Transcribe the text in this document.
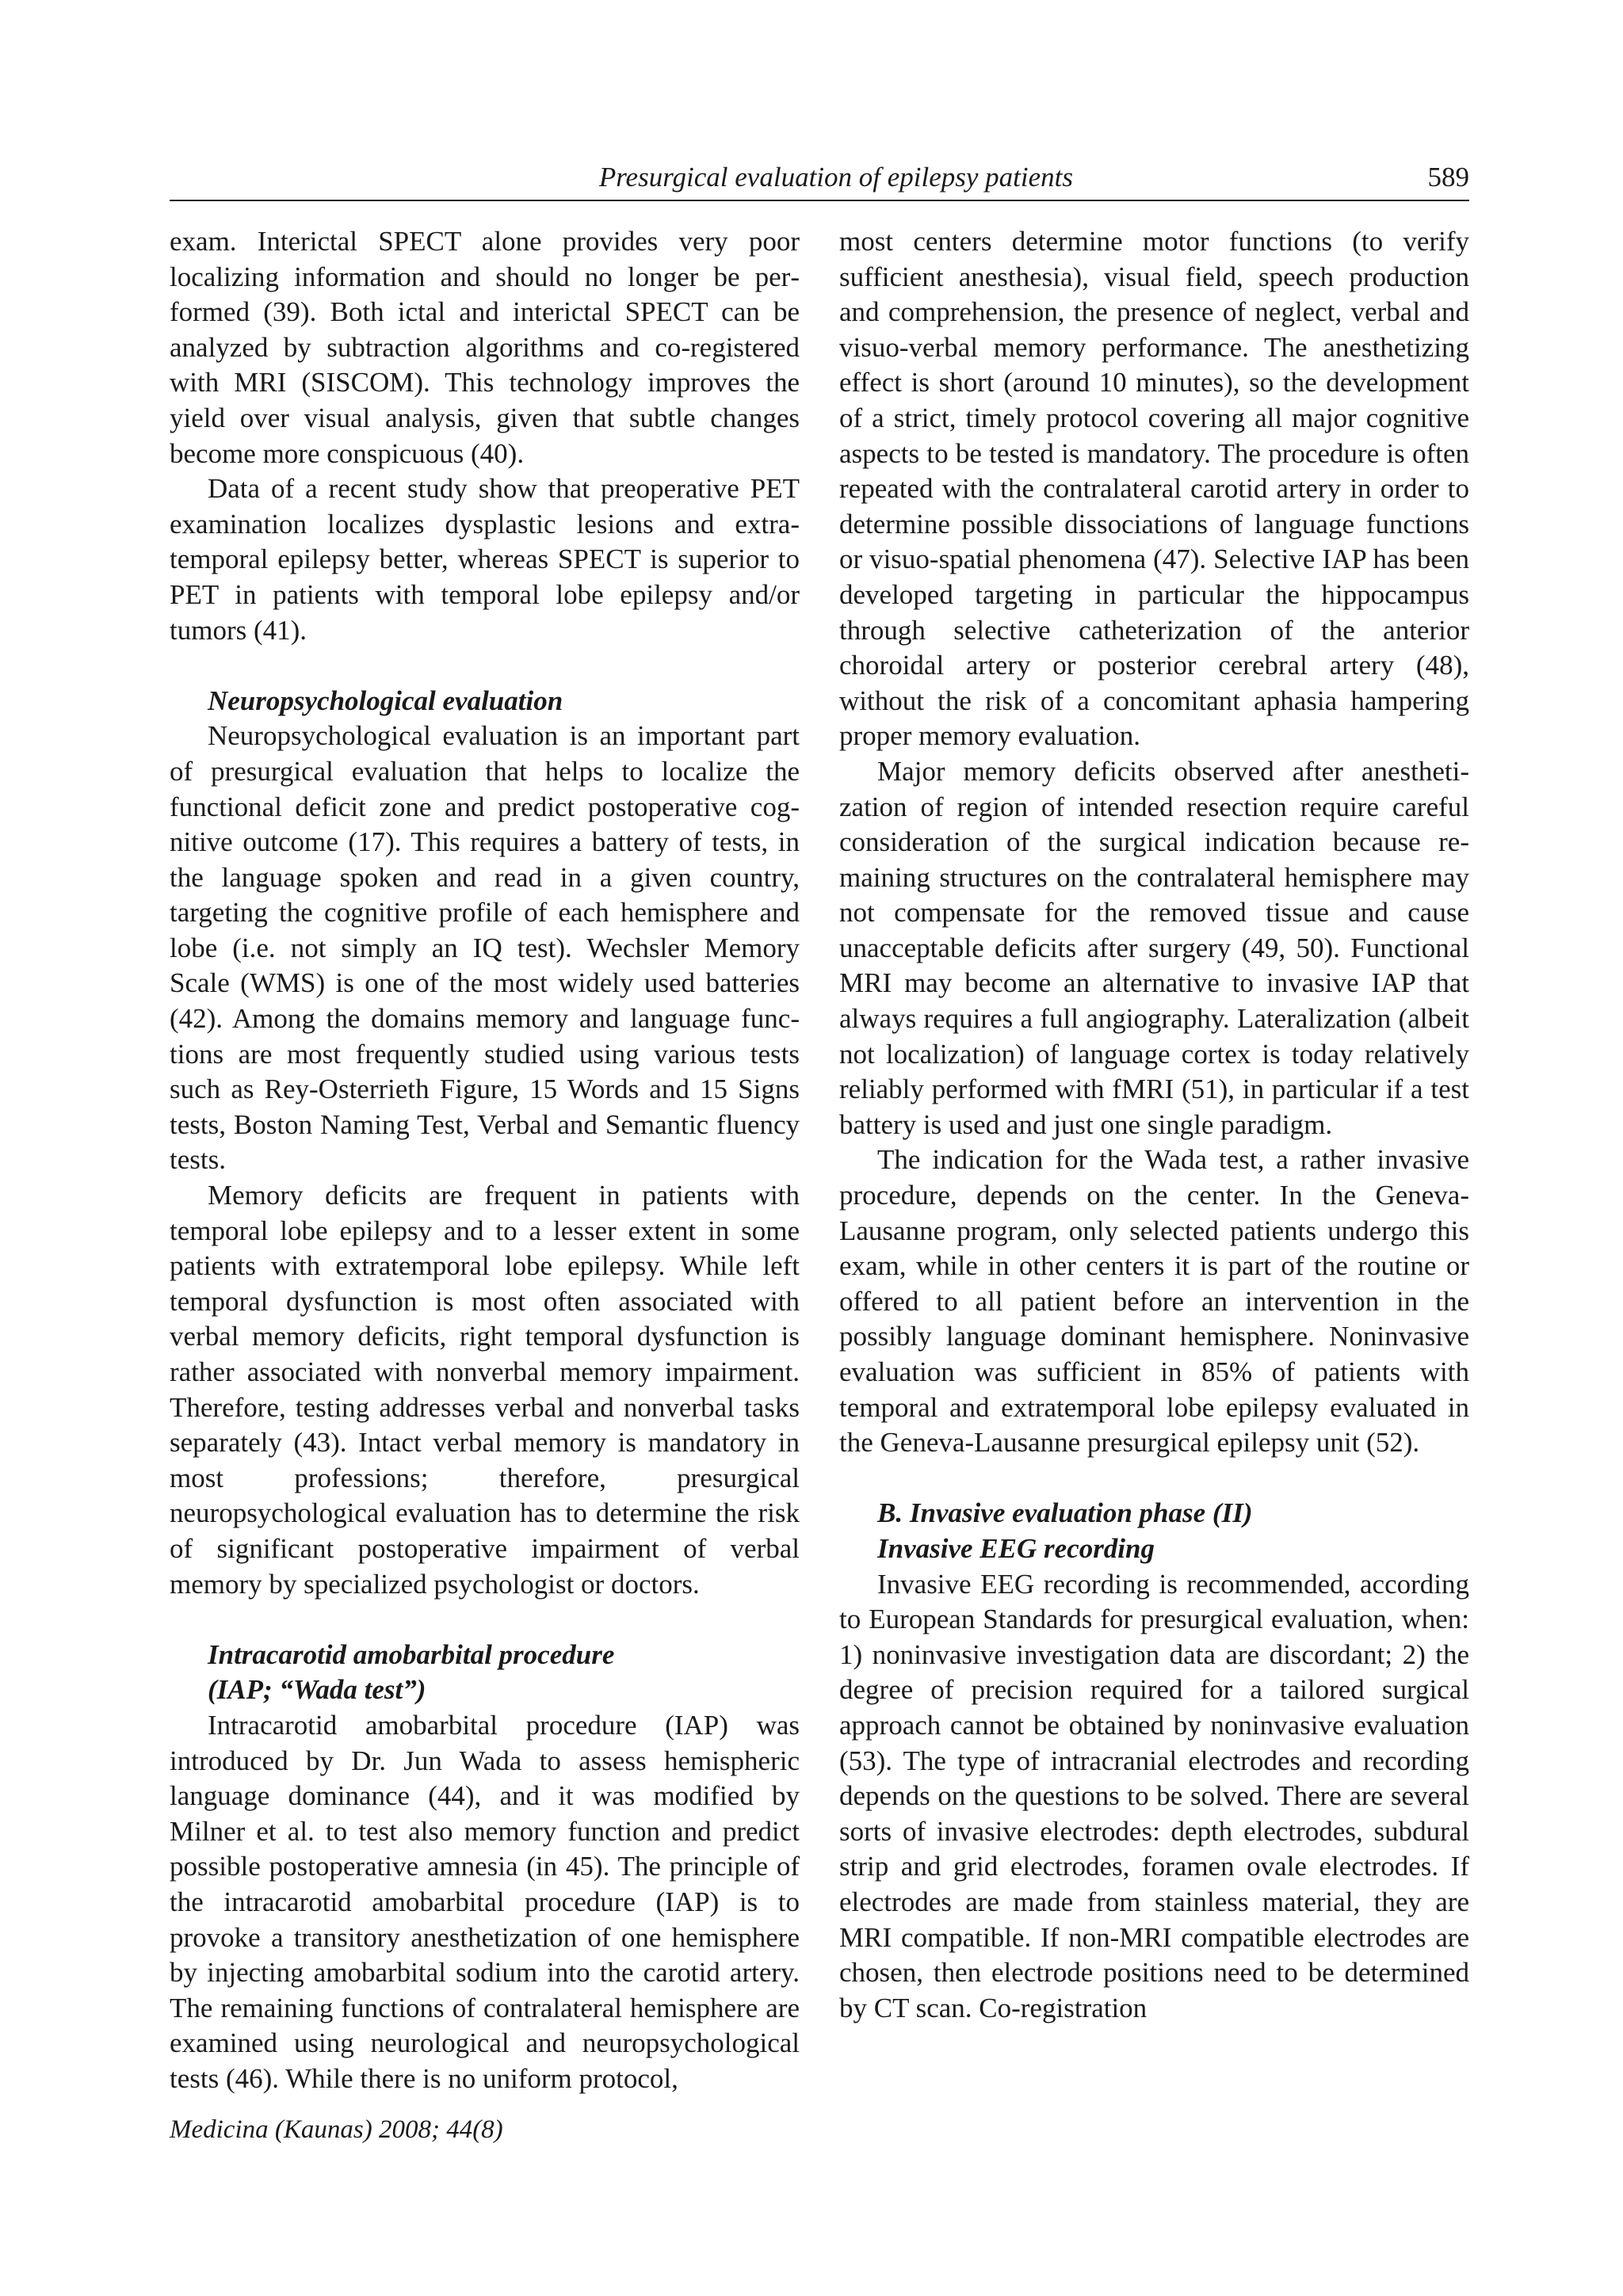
Presurgical evaluation of epilepsy patients	589

exam. Interictal SPECT alone provides very poor localizing information and should no longer be performed (39). Both ictal and interictal SPECT can be analyzed by subtraction algorithms and co-registered with MRI (SISCOM). This technology improves the yield over visual analysis, given that subtle changes become more conspicuous (40).

Data of a recent study show that preoperative PET examination localizes dysplastic lesions and extratemporal epilepsy better, whereas SPECT is superior to PET in patients with temporal lobe epilepsy and/or tumors (41).

Neuropsychological evaluation

Neuropsychological evaluation is an important part of presurgical evaluation that helps to localize the functional deficit zone and predict postoperative cognitive outcome (17). This requires a battery of tests, in the language spoken and read in a given country, targeting the cognitive profile of each hemisphere and lobe (i.e. not simply an IQ test). Wechsler Memory Scale (WMS) is one of the most widely used batteries (42). Among the domains memory and language functions are most frequently studied using various tests such as Rey-Osterrieth Figure, 15 Words and 15 Signs tests, Boston Naming Test, Verbal and Semantic fluency tests.

Memory deficits are frequent in patients with temporal lobe epilepsy and to a lesser extent in some patients with extratemporal lobe epilepsy. While left temporal dysfunction is most often associated with verbal memory deficits, right temporal dysfunction is rather associated with nonverbal memory impairment. Therefore, testing addresses verbal and nonverbal tasks separately (43). Intact verbal memory is mandatory in most professions; therefore, presurgical neuropsychological evaluation has to determine the risk of significant postoperative impairment of verbal memory by specialized psychologist or doctors.

Intracarotid amobarbital procedure
(IAP; “Wada test”)

Intracarotid amobarbital procedure (IAP) was introduced by Dr. Jun Wada to assess hemispheric language dominance (44), and it was modified by Milner et al. to test also memory function and predict possible postoperative amnesia (in 45). The principle of the intracarotid amobarbital procedure (IAP) is to provoke a transitory anesthetization of one hemisphere by injecting amobarbital sodium into the carotid artery. The remaining functions of contralateral hemisphere are examined using neurological and neuropsychological tests (46). While there is no uniform protocol,

most centers determine motor functions (to verify sufficient anesthesia), visual field, speech production and comprehension, the presence of neglect, verbal and visuo-verbal memory performance. The anesthetizing effect is short (around 10 minutes), so the development of a strict, timely protocol covering all major cognitive aspects to be tested is mandatory. The procedure is often repeated with the contralateral carotid artery in order to determine possible dissociations of language functions or visuo-spatial phenomena (47). Selective IAP has been developed targeting in particular the hippocampus through selective catheterization of the anterior choroidal artery or posterior cerebral artery (48), without the risk of a concomitant aphasia hampering proper memory evaluation.

Major memory deficits observed after anesthetization of region of intended resection require careful consideration of the surgical indication because remaining structures on the contralateral hemisphere may not compensate for the removed tissue and cause unacceptable deficits after surgery (49, 50). Functional MRI may become an alternative to invasive IAP that always requires a full angiography. Lateralization (albeit not localization) of language cortex is today relatively reliably performed with fMRI (51), in particular if a test battery is used and just one single paradigm.

The indication for the Wada test, a rather invasive procedure, depends on the center. In the Geneva-Lausanne program, only selected patients undergo this exam, while in other centers it is part of the routine or offered to all patient before an intervention in the possibly language dominant hemisphere. Noninvasive evaluation was sufficient in 85% of patients with temporal and extratemporal lobe epilepsy evaluated in the Geneva-Lausanne presurgical epilepsy unit (52).

B. Invasive evaluation phase (II)
Invasive EEG recording

Invasive EEG recording is recommended, according to European Standards for presurgical evaluation, when: 1) noninvasive investigation data are discordant; 2) the degree of precision required for a tailored surgical approach cannot be obtained by noninvasive evaluation (53). The type of intracranial electrodes and recording depends on the questions to be solved. There are several sorts of invasive electrodes: depth electrodes, subdural strip and grid electrodes, foramen ovale electrodes. If electrodes are made from stainless material, they are MRI compatible. If non-MRI compatible electrodes are chosen, then electrode positions need to be determined by CT scan. Co-registration

Medicina (Kaunas) 2008; 44(8)
